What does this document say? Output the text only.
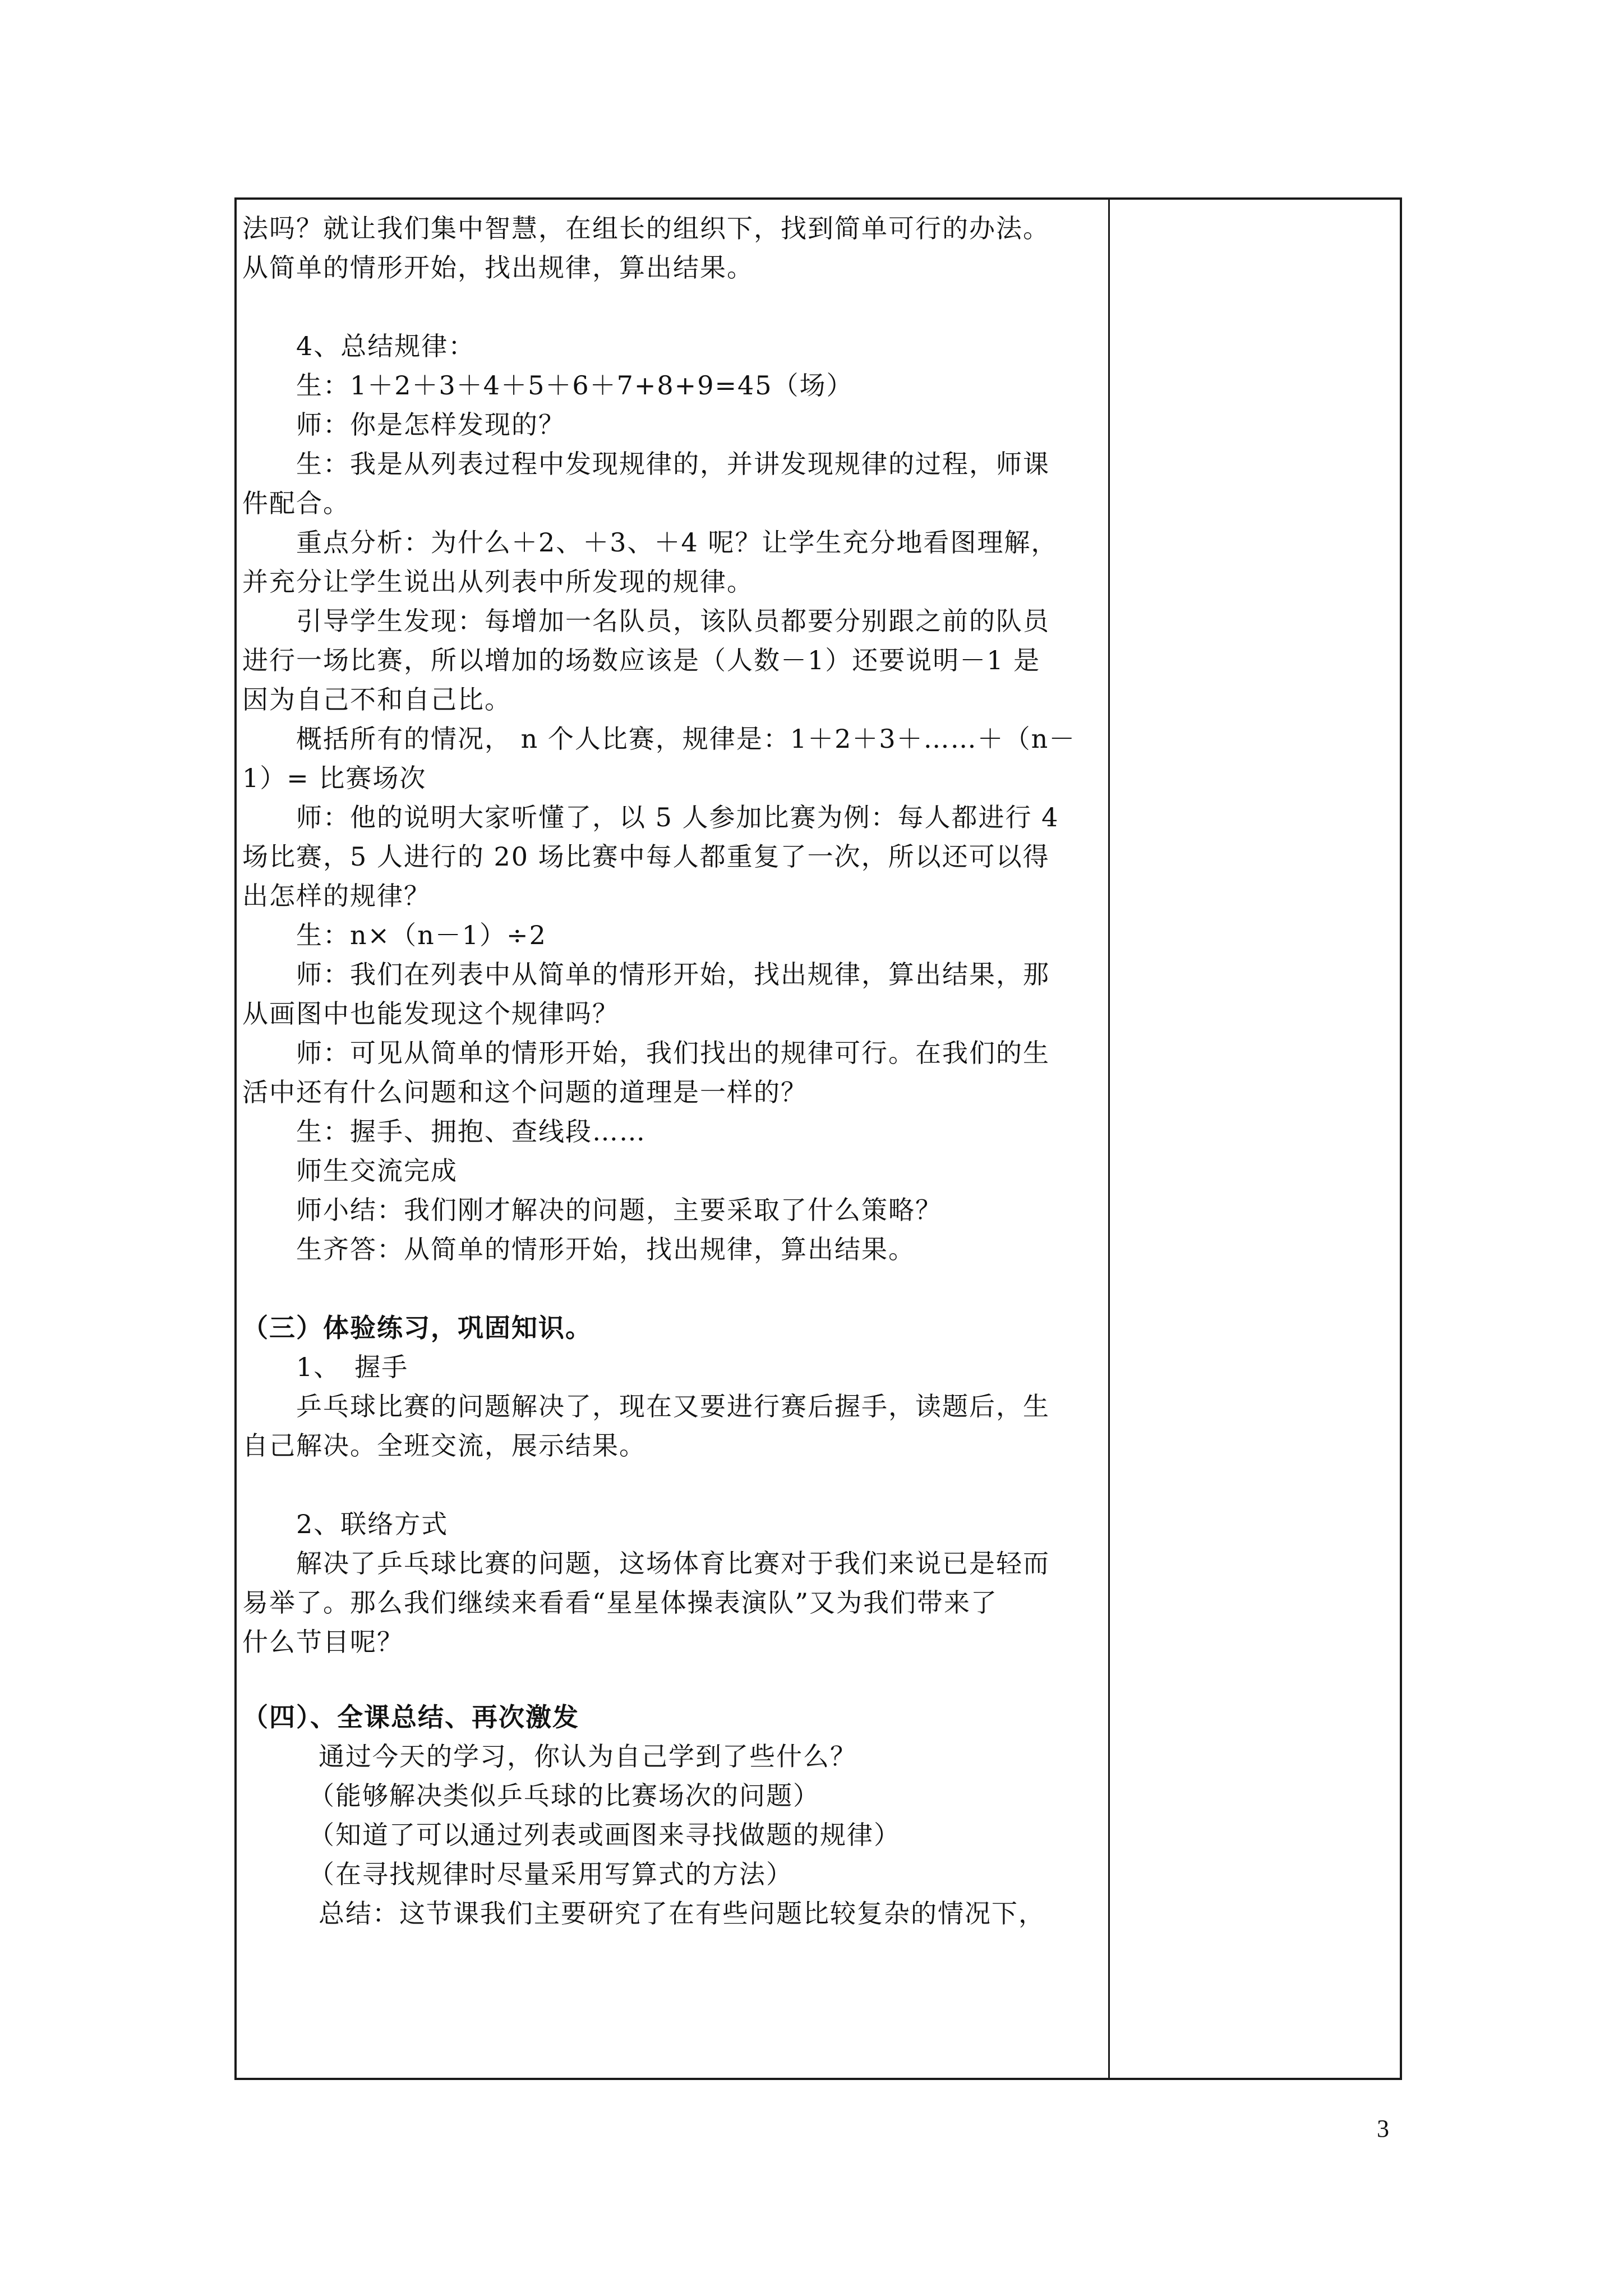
法吗？就让我们集中智慧，在组长的组织下，找到简单可行的办法。
从简单的情形开始，找出规律，算出结果。
4、总结规律：
生：1＋2＋3＋4＋5＋6＋7+8+9=45（场）
师：你是怎样发现的？
生：我是从列表过程中发现规律的，并讲发现规律的过程，师课
件配合。
重点分析：为什么＋2、＋3、＋4 呢？让学生充分地看图理解，
并充分让学生说出从列表中所发现的规律。
引导学生发现：每增加一名队员，该队员都要分别跟之前的队员
进行一场比赛，所以增加的场数应该是（人数－1）还要说明－1 是
因为自己不和自己比。
概括所有的情况， n 个人比赛，规律是：1＋2＋3＋……＋（n－
1）= 比赛场次
师：他的说明大家听懂了，以 5 人参加比赛为例：每人都进行 4
场比赛，5 人进行的 20 场比赛中每人都重复了一次，所以还可以得
出怎样的规律？
生：n×（n－1）÷2
师：我们在列表中从简单的情形开始，找出规律，算出结果，那
从画图中也能发现这个规律吗？
师：可见从简单的情形开始，我们找出的规律可行。在我们的生
活中还有什么问题和这个问题的道理是一样的？
生：握手、拥抱、查线段……
师生交流完成
师小结：我们刚才解决的问题，主要采取了什么策略？
生齐答：从简单的情形开始，找出规律，算出结果。
（三）体验练习，巩固知识。
1、　握手
乒乓球比赛的问题解决了，现在又要进行赛后握手，读题后，生
自己解决。全班交流，展示结果。
2、联络方式
解决了乒乓球比赛的问题，这场体育比赛对于我们来说已是轻而
易举了。那么我们继续来看看“星星体操表演队”又为我们带来了
什么节目呢？
（四）、全课总结、再次激发
通过今天的学习，你认为自己学到了些什么？
（能够解决类似乒乓球的比赛场次的问题）
（知道了可以通过列表或画图来寻找做题的规律）
（在寻找规律时尽量采用写算式的方法）
总结：这节课我们主要研究了在有些问题比较复杂的情况下，
3
